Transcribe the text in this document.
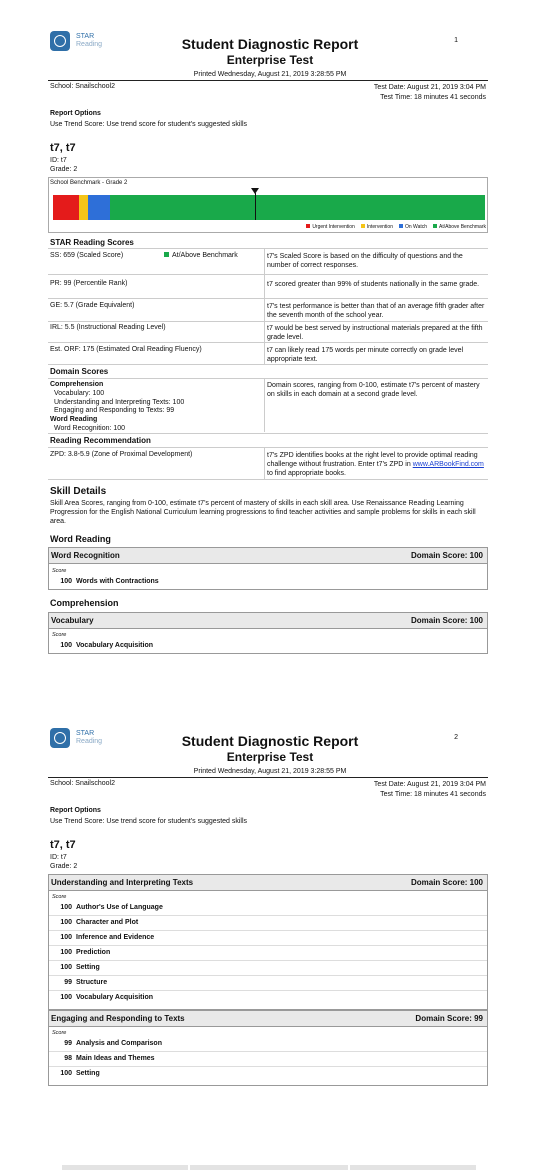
STAR
Reading
1
Student Diagnostic Report
Enterprise Test
Printed Wednesday, August 21, 2019 3:28:55 PM
School: Snailschool2	Test Date: August 21, 2019 3:04 PM
Test Time: 18 minutes 41 seconds
Report Options
Use Trend Score: Use trend score for student's suggested skills
t7, t7
ID: t7
Grade: 2
School Benchmark - Grade 2
Urgent Intervention	Intervention	On Watch	At/Above Benchmark
STAR Reading Scores
SS: 659 (Scaled Score)	At/Above Benchmark	t7's Scaled Score is based on the difficulty of questions and the number of correct responses.
PR: 99 (Percentile Rank)	t7 scored greater than 99% of students nationally in the same grade.
GE: 5.7 (Grade Equivalent)	t7's test performance is better than that of an average fifth grader after the seventh month of the school year.
IRL: 5.5 (Instructional Reading Level)	t7 would be best served by instructional materials prepared at the fifth grade level.
Est. ORF: 175 (Estimated Oral Reading Fluency)	t7 can likely read 175 words per minute correctly on grade level appropriate text.
Domain Scores
Comprehension
Vocabulary: 100
Understanding and Interpreting Texts: 100
Engaging and Responding to Texts: 99
Word Reading
Word Recognition: 100
Domain scores, ranging from 0-100, estimate t7's percent of mastery on skills in each domain at a second grade level.
Reading Recommendation
ZPD: 3.8-5.9 (Zone of Proximal Development)	t7's ZPD identifies books at the right level to provide optimal reading challenge without frustration. Enter t7's ZPD in www.ARBookFind.com to find appropriate books.
Skill Details
Skill Area Scores, ranging from 0-100, estimate t7's percent of mastery of skills in each skill area. Use Renaissance Reading Learning Progression for the English National Curriculum learning progressions to find teacher activities and sample problems for skills in each skill area.
Word Reading
Word Recognition	Domain Score: 100
Score
100 Words with Contractions
Comprehension
Vocabulary	Domain Score: 100
Score
100 Vocabulary Acquisition
STAR
Reading
2
Student Diagnostic Report
Enterprise Test
Printed Wednesday, August 21, 2019 3:28:55 PM
School: Snailschool2	Test Date: August 21, 2019 3:04 PM
Test Time: 18 minutes 41 seconds
Report Options
Use Trend Score: Use trend score for student's suggested skills
t7, t7
ID: t7
Grade: 2
Understanding and Interpreting Texts	Domain Score: 100
Score
100 Author's Use of Language
100 Character and Plot
100 Inference and Evidence
100 Prediction
100 Setting
99 Structure
100 Vocabulary Acquisition
Engaging and Responding to Texts	Domain Score: 99
Score
99 Analysis and Comparison
98 Main Ideas and Themes
100 Setting
